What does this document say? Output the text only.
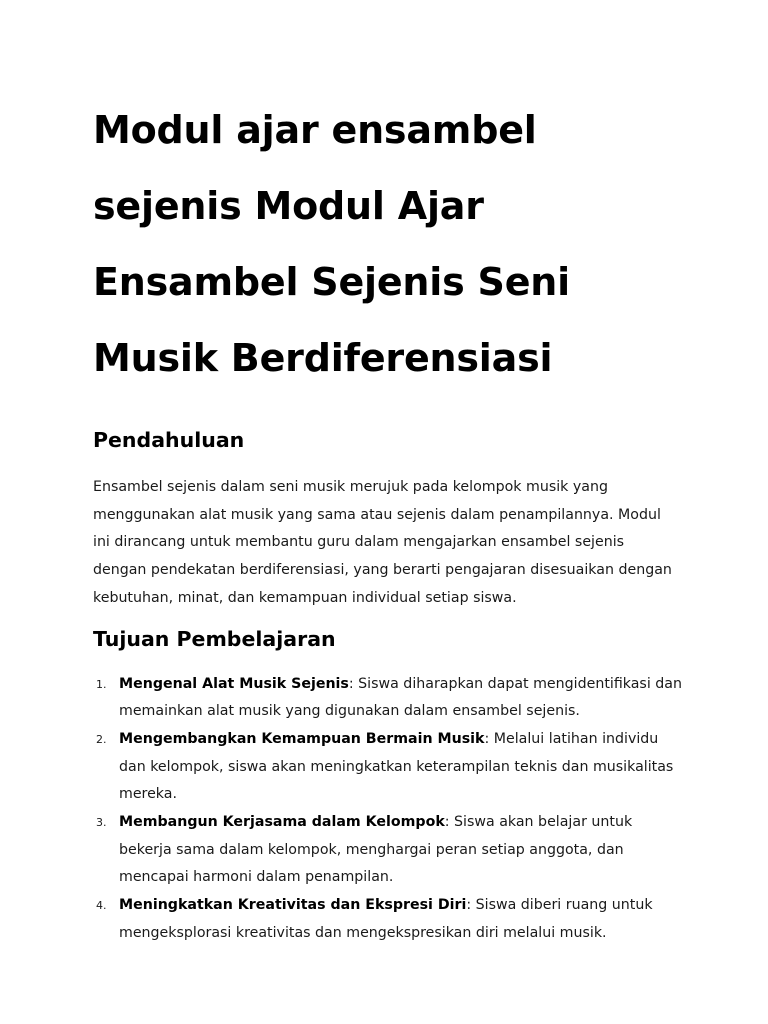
Modul ajar ensambel sejenis Modul Ajar Ensambel Sejenis Seni Musik Berdiferensiasi
Pendahuluan

Ensambel sejenis dalam seni musik merujuk pada kelompok musik yang menggunakan alat musik yang sama atau sejenis dalam penampilannya. Modul ini dirancang untuk membantu guru dalam mengajarkan ensambel sejenis dengan pendekatan berdiferensiasi, yang berarti pengajaran disesuaikan dengan kebutuhan, minat, dan kemampuan individual setiap siswa.

Tujuan Pembelajaran
1. Mengenal Alat Musik Sejenis: Siswa diharapkan dapat mengidentifikasi dan memainkan alat musik yang digunakan dalam ensambel sejenis.
2. Mengembangkan Kemampuan Bermain Musik: Melalui latihan individu dan kelompok, siswa akan meningkatkan keterampilan teknis dan musikalitas mereka.
3. Membangun Kerjasama dalam Kelompok: Siswa akan belajar untuk bekerja sama dalam kelompok, menghargai peran setiap anggota, dan mencapai harmoni dalam penampilan.
4. Meningkatkan Kreativitas dan Ekspresi Diri: Siswa diberi ruang untuk mengeksplorasi kreativitas dan mengekspresikan diri melalui musik.
